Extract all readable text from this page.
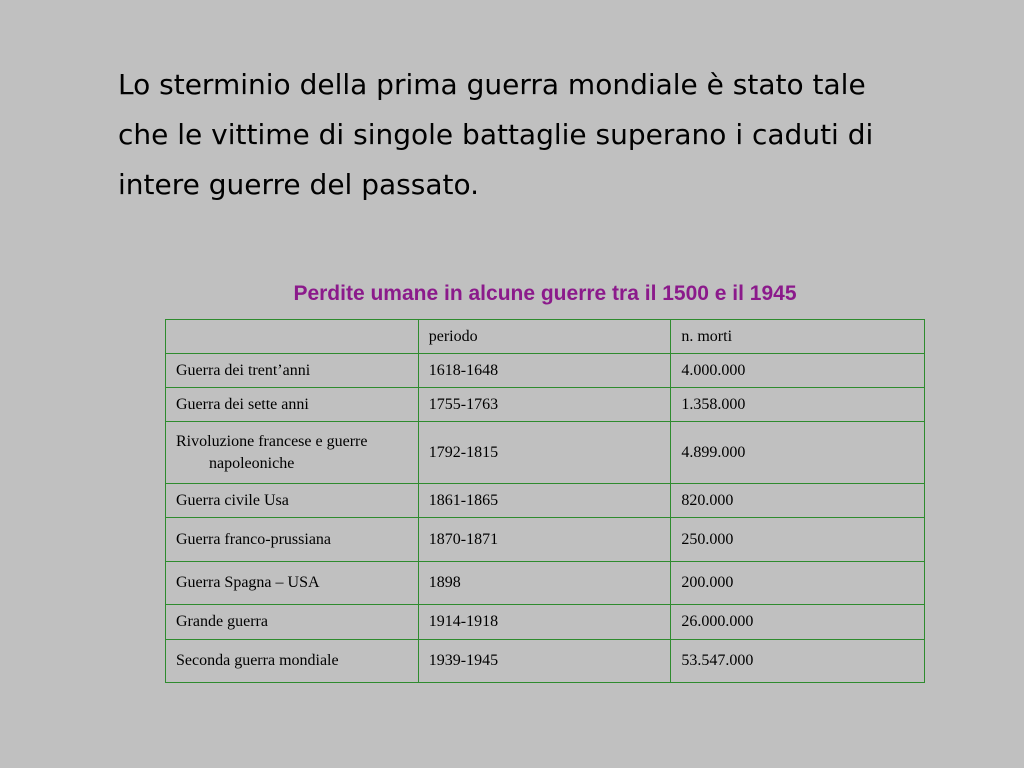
Lo sterminio della prima guerra mondiale è stato tale che le vittime di singole battaglie superano i caduti di intere guerre del passato.

Perdite umane in alcune guerre tra il 1500 e il 1945
	periodo	n. morti

Guerra dei trent’anni	1618-1648	4.000.000

Guerra dei sette anni	1755-1763	1.358.000

Rivoluzione francese e guerre napoleoniche	1792-1815	4.899.000

Guerra civile Usa	1861-1865	820.000

Guerra franco-prussiana	1870-1871	250.000

Guerra Spagna – USA	1898	200.000

Grande guerra	1914-1918	26.000.000

Seconda guerra mondiale	1939-1945	53.547.000
